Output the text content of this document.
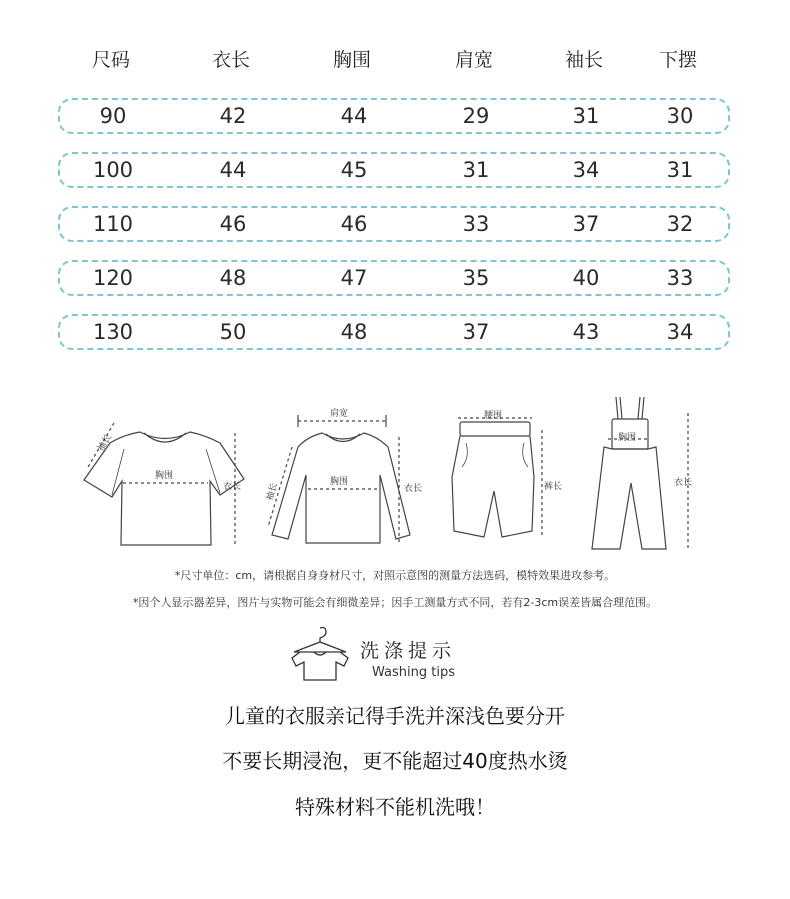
尺码	衣长	胸围	肩宽	袖长	下摆
90	42	44	29	31	30
100	44	45	31	34	31
110	46	46	33	37	32
120	48	47	35	40	33
130	50	48	37	43	34
胸围
衣长
袖长
肩宽
胸围
衣长
袖长
腰围
裤长
胸围
衣长
*尺寸单位：cm，请根据自身身材尺寸，对照示意图的测量方法选码，模特效果进攻参考。
*因个人显示器差异，图片与实物可能会有细微差异；因手工测量方式不同，若有2-3cm误差皆属合理范围。
洗涤提示
Washing tips
儿童的衣服亲记得手洗并深浅色要分开
不要长期浸泡，更不能超过40度热水烫
特殊材料不能机洗哦！
